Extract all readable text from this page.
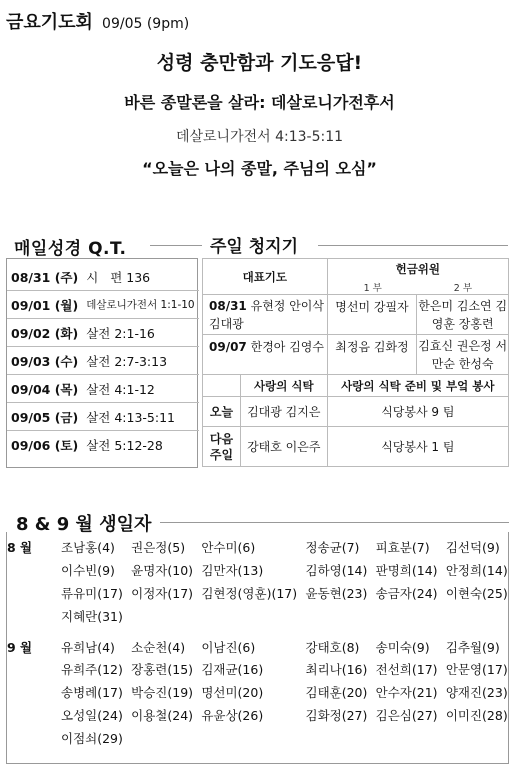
금요기도회 09/05 (9pm)
성령 충만함과 기도응답!
바른 종말론을 살라: 데살로니가전후서
데살로니가전서 4:13-5:11
“오늘은 나의 종말, 주님의 오심”
매일성경 Q.T.
08/31 (주)	시   편 136
09/01 (월)	데살로니가전서 1:1-10
09/02 (화)	살전 2:1-16
09/03 (수)	살전 2:7-3:13
09/04 (목)	살전 4:1-12
09/05 (금)	살전 4:13-5:11
09/06 (토)	살전 5:12-28
주일 청지기
대표기도		헌금위원
1 부 2 부	

08/31 유현정 안이삭 김대광		명선미 강필자	한은미 김소연 김영훈 장홍련
09/07 한경아 김영수		최정음 김화정	김효신 권은정 서만순 한성숙
	사랑의 식탁	사랑의 식탁 준비 및 부엌 봉사	
오늘	김대광 김지은	식당봉사 9 팀	
다음 주일	강태호 이은주	식당봉사 1 팀	
8 & 9 월 생일자
8 월	조남홍(4)	권은정(5)	안수미(6)	정송균(7)	피효분(7)	김선덕(9)
	이수빈(9)	윤명자(10)	김만자(13)	김하영(14)	판명희(14)	안정희(14)
	류유미(17)	이정자(17)	김현정(영훈)(17)	윤동현(23)	송금자(24)	이현숙(25)
	지혜란(31)					

9 월	유희남(4)	소순천(4)	이남진(6)	강태호(8)	송미숙(9)	김추월(9)
	유희주(12)	장홍련(15)	김재균(16)	최리나(16)	전선희(17)	안문영(17)
	송병례(17)	박승진(19)	명선미(20)	김태훈(20)	안수자(21)	양재진(23)
	오성일(24)	이용철(24)	유윤상(26)	김화정(27)	김은심(27)	이미진(28)
	이점쇠(29)					
